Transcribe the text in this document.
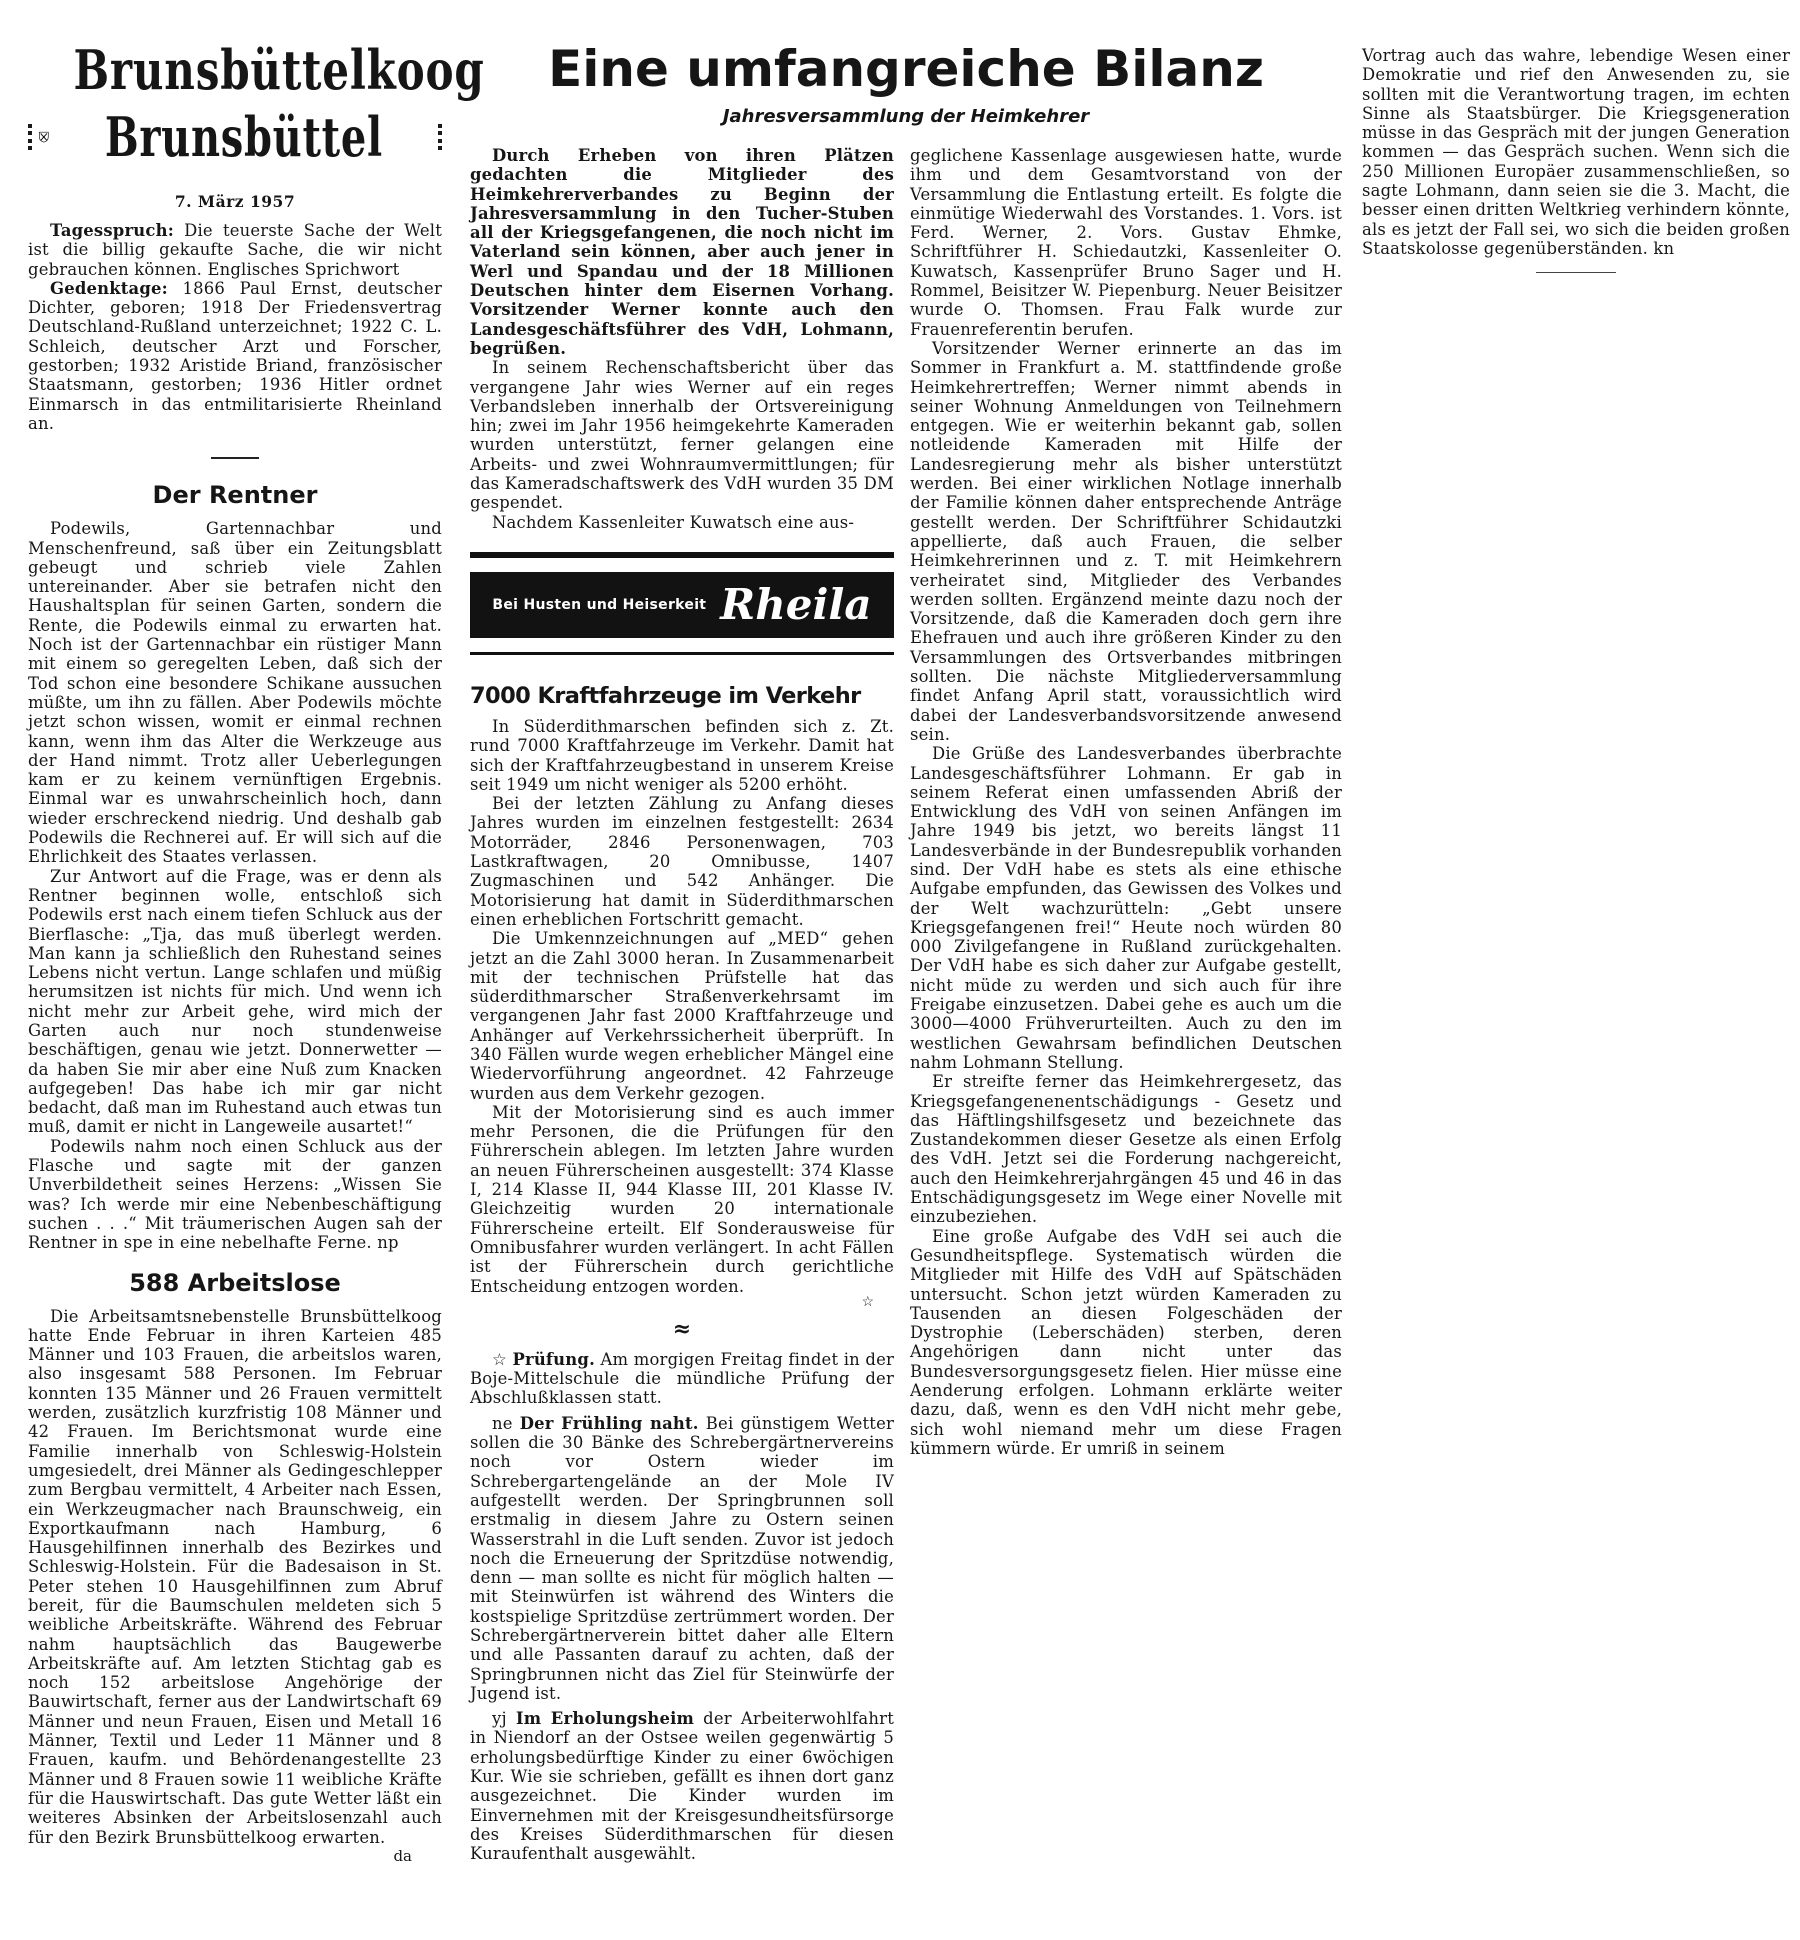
Brunsbüttelkoog
Brunsbüttel
7. März 1957

Tagesspruch: Die teuerste Sache der Welt ist die billig gekaufte Sache, die wir nicht gebrauchen können. Englisches Sprichwort

Gedenktage: 1866 Paul Ernst, deutscher Dichter, geboren; 1918 Der Friedensvertrag Deutschland-Rußland unterzeichnet; 1922 C. L. Schleich, deutscher Arzt und Forscher, gestorben; 1932 Aristide Briand, französischer Staatsmann, gestorben; 1936 Hitler ordnet Einmarsch in das entmilitarisierte Rheinland an.

Der Rentner

Podewils, Gartennachbar und Menschenfreund, saß über ein Zeitungsblatt gebeugt und schrieb viele Zahlen untereinander. Aber sie betrafen nicht den Haushaltsplan für seinen Garten, sondern die Rente, die Podewils einmal zu erwarten hat. Noch ist der Gartennachbar ein rüstiger Mann mit einem so geregelten Leben, daß sich der Tod schon eine besondere Schikane aussuchen müßte, um ihn zu fällen. Aber Podewils möchte jetzt schon wissen, womit er einmal rechnen kann, wenn ihm das Alter die Werkzeuge aus der Hand nimmt. Trotz aller Ueberlegungen kam er zu keinem vernünftigen Ergebnis. Einmal war es unwahrscheinlich hoch, dann wieder erschreckend niedrig. Und deshalb gab Podewils die Rechnerei auf. Er will sich auf die Ehrlichkeit des Staates verlassen.

Zur Antwort auf die Frage, was er denn als Rentner beginnen wolle, entschloß sich Podewils erst nach einem tiefen Schluck aus der Bierflasche: „Tja, das muß überlegt werden. Man kann ja schließlich den Ruhestand seines Lebens nicht vertun. Lange schlafen und müßig herumsitzen ist nichts für mich. Und wenn ich nicht mehr zur Arbeit gehe, wird mich der Garten auch nur noch stundenweise beschäftigen, genau wie jetzt. Donnerwetter — da haben Sie mir aber eine Nuß zum Knacken aufgegeben! Das habe ich mir gar nicht bedacht, daß man im Ruhestand auch etwas tun muß, damit er nicht in Langeweile ausartet!“

Podewils nahm noch einen Schluck aus der Flasche und sagte mit der ganzen Unverbildetheit seines Herzens: „Wissen Sie was? Ich werde mir eine Nebenbeschäftigung suchen . . .“ Mit träumerischen Augen sah der Rentner in spe in eine nebelhafte Ferne. np

588 Arbeitslose

Die Arbeitsamtsnebenstelle Brunsbüttelkoog hatte Ende Februar in ihren Karteien 485 Männer und 103 Frauen, die arbeitslos waren, also insgesamt 588 Personen. Im Februar konnten 135 Männer und 26 Frauen vermittelt werden, zusätzlich kurzfristig 108 Männer und 42 Frauen. Im Berichtsmonat wurde eine Familie innerhalb von Schleswig-Holstein umgesiedelt, drei Männer als Gedingeschlepper zum Bergbau vermittelt, 4 Arbeiter nach Essen, ein Werkzeugmacher nach Braunschweig, ein Exportkaufmann nach Hamburg, 6 Hausgehilfinnen innerhalb des Bezirkes und Schleswig-Holstein. Für die Badesaison in St. Peter stehen 10 Hausgehilfinnen zum Abruf bereit, für die Baumschulen meldeten sich 5 weibliche Arbeitskräfte. Während des Februar nahm hauptsächlich das Baugewerbe Arbeitskräfte auf. Am letzten Stichtag gab es noch 152 arbeitslose Angehörige der Bauwirtschaft, ferner aus der Landwirtschaft 69 Männer und neun Frauen, Eisen und Metall 16 Männer, Textil und Leder 11 Männer und 8 Frauen, kaufm. und Behördenangestellte 23 Männer und 8 Frauen sowie 11 weibliche Kräfte für die Hauswirtschaft. Das gute Wetter läßt ein weiteres Absinken der Arbeitslosenzahl auch für den Bezirk Brunsbüttelkoog erwarten.

da
Eine umfangreiche Bilanz
Jahresversammlung der Heimkehrer

Durch Erheben von ihren Plätzen gedachten die Mitglieder des Heimkehrerverbandes zu Beginn der Jahresversammlung in den Tucher-Stuben all der Kriegsgefangenen, die noch nicht im Vaterland sein können, aber auch jener in Werl und Spandau und der 18 Millionen Deutschen hinter dem Eisernen Vorhang. Vorsitzender Werner konnte auch den Landesgeschäftsführer des VdH, Lohmann, begrüßen.

In seinem Rechenschaftsbericht über das vergangene Jahr wies Werner auf ein reges Verbandsleben innerhalb der Ortsvereinigung hin; zwei im Jahr 1956 heimgekehrte Kameraden wurden unterstützt, ferner gelangen eine Arbeits- und zwei Wohnraumvermittlungen; für das Kameradschaftswerk des VdH wurden 35 DM gespendet.

Nachdem Kassenleiter Kuwatsch eine aus-

Bei Husten und Heiserkeit Rheila
7000 Kraftfahrzeuge im Verkehr

In Süderdithmarschen befinden sich z. Zt. rund 7000 Kraftfahrzeuge im Verkehr. Damit hat sich der Kraftfahrzeugbestand in unserem Kreise seit 1949 um nicht weniger als 5200 erhöht.

Bei der letzten Zählung zu Anfang dieses Jahres wurden im einzelnen festgestellt: 2634 Motorräder, 2846 Personenwagen, 703 Lastkraftwagen, 20 Omnibusse, 1407 Zugmaschinen und 542 Anhänger. Die Motorisierung hat damit in Süderdithmarschen einen erheblichen Fortschritt gemacht.

Die Umkennzeichnungen auf „MED“ gehen jetzt an die Zahl 3000 heran. In Zusammenarbeit mit der technischen Prüfstelle hat das süderdithmarscher Straßenverkehrsamt im vergangenen Jahr fast 2000 Kraftfahrzeuge und Anhänger auf Verkehrssicherheit überprüft. In 340 Fällen wurde wegen erheblicher Mängel eine Wiedervorführung angeordnet. 42 Fahrzeuge wurden aus dem Verkehr gezogen.

Mit der Motorisierung sind es auch immer mehr Personen, die die Prüfungen für den Führerschein ablegen. Im letzten Jahre wurden an neuen Führerscheinen ausgestellt: 374 Klasse I, 214 Klasse II, 944 Klasse III, 201 Klasse IV. Gleichzeitig wurden 20 internationale Führerscheine erteilt. Elf Sonderausweise für Omnibusfahrer wurden verlängert. In acht Fällen ist der Führerschein durch gerichtliche Entscheidung entzogen worden.

☆
≈

☆ Prüfung. Am morgigen Freitag findet in der Boje-Mittelschule die mündliche Prüfung der Abschlußklassen statt.

ne Der Frühling naht. Bei günstigem Wetter sollen die 30 Bänke des Schrebergärtnervereins noch vor Ostern wieder im Schrebergartengelände an der Mole IV aufgestellt werden. Der Springbrunnen soll erstmalig in diesem Jahre zu Ostern seinen Wasserstrahl in die Luft senden. Zuvor ist jedoch noch die Erneuerung der Spritzdüse notwendig, denn — man sollte es nicht für möglich halten — mit Steinwürfen ist während des Winters die kostspielige Spritzdüse zertrümmert worden. Der Schrebergärtnerverein bittet daher alle Eltern und alle Passanten darauf zu achten, daß der Springbrunnen nicht das Ziel für Steinwürfe der Jugend ist.

yj Im Erholungsheim der Arbeiterwohlfahrt in Niendorf an der Ostsee weilen gegenwärtig 5 erholungsbedürftige Kinder zu einer 6wöchigen Kur. Wie sie schrieben, gefällt es ihnen dort ganz ausgezeichnet. Die Kinder wurden im Einvernehmen mit der Kreisgesundheitsfürsorge des Kreises Süderdithmarschen für diesen Kuraufenthalt ausgewählt.

geglichene Kassenlage ausgewiesen hatte, wurde ihm und dem Gesamtvorstand von der Versammlung die Entlastung erteilt. Es folgte die einmütige Wiederwahl des Vorstandes. 1. Vors. ist Ferd. Werner, 2. Vors. Gustav Ehmke, Schriftführer H. Schiedautzki, Kassenleiter O. Kuwatsch, Kassenprüfer Bruno Sager und H. Rommel, Beisitzer W. Piepenburg. Neuer Beisitzer wurde O. Thomsen. Frau Falk wurde zur Frauenreferentin berufen.

Vorsitzender Werner erinnerte an das im Sommer in Frankfurt a. M. stattfindende große Heimkehrertreffen; Werner nimmt abends in seiner Wohnung Anmeldungen von Teilnehmern entgegen. Wie er weiterhin bekannt gab, sollen notleidende Kameraden mit Hilfe der Landesregierung mehr als bisher unterstützt werden. Bei einer wirklichen Notlage innerhalb der Familie können daher entsprechende Anträge gestellt werden. Der Schriftführer Schidautzki appellierte, daß auch Frauen, die selber Heimkehrerinnen und z. T. mit Heimkehrern verheiratet sind, Mitglieder des Verbandes werden sollten. Ergänzend meinte dazu noch der Vorsitzende, daß die Kameraden doch gern ihre Ehefrauen und auch ihre größeren Kinder zu den Versammlungen des Ortsverbandes mitbringen sollten. Die nächste Mitgliederversammlung findet Anfang April statt, voraussichtlich wird dabei der Landesverbandsvorsitzende anwesend sein.

Die Grüße des Landesverbandes überbrachte Landesgeschäftsführer Lohmann. Er gab in seinem Referat einen umfassenden Abriß der Entwicklung des VdH von seinen Anfängen im Jahre 1949 bis jetzt, wo bereits längst 11 Landesverbände in der Bundesrepublik vorhanden sind. Der VdH habe es stets als eine ethische Aufgabe empfunden, das Gewissen des Volkes und der Welt wachzurütteln: „Gebt unsere Kriegsgefangenen frei!“ Heute noch würden 80 000 Zivilgefangene in Rußland zurückgehalten. Der VdH habe es sich daher zur Aufgabe gestellt, nicht müde zu werden und sich auch für ihre Freigabe einzusetzen. Dabei gehe es auch um die 3000—4000 Frühverurteilten. Auch zu den im westlichen Gewahrsam befindlichen Deutschen nahm Lohmann Stellung.

Er streifte ferner das Heimkehrergesetz, das Kriegsgefangenenentschädigungs - Gesetz und das Häftlingshilfsgesetz und bezeichnete das Zustandekommen dieser Gesetze als einen Erfolg des VdH. Jetzt sei die Forderung nachgereicht, auch den Heimkehrerjahrgängen 45 und 46 in das Entschädigungsgesetz im Wege einer Novelle mit einzubeziehen.

Eine große Aufgabe des VdH sei auch die Gesundheitspflege. Systematisch würden die Mitglieder mit Hilfe des VdH auf Spätschäden untersucht. Schon jetzt würden Kameraden zu Tausenden an diesen Folgeschäden der Dystrophie (Leberschäden) sterben, deren Angehörigen dann nicht unter das Bundesversorgungsgesetz fielen. Hier müsse eine Aenderung erfolgen. Lohmann erklärte weiter dazu, daß, wenn es den VdH nicht mehr gebe, sich wohl niemand mehr um diese Fragen kümmern würde. Er umriß in seinem

Vortrag auch das wahre, lebendige Wesen einer Demokratie und rief den Anwesenden zu, sie sollten mit die Verantwortung tragen, im echten Sinne als Staatsbürger. Die Kriegsgeneration müsse in das Gespräch mit der jungen Generation kommen — das Gespräch suchen. Wenn sich die 250 Millionen Europäer zusammenschließen, so sagte Lohmann, dann seien sie die 3. Macht, die besser einen dritten Weltkrieg verhindern könnte, als es jetzt der Fall sei, wo sich die beiden großen Staatskolosse gegenüberständen. kn
